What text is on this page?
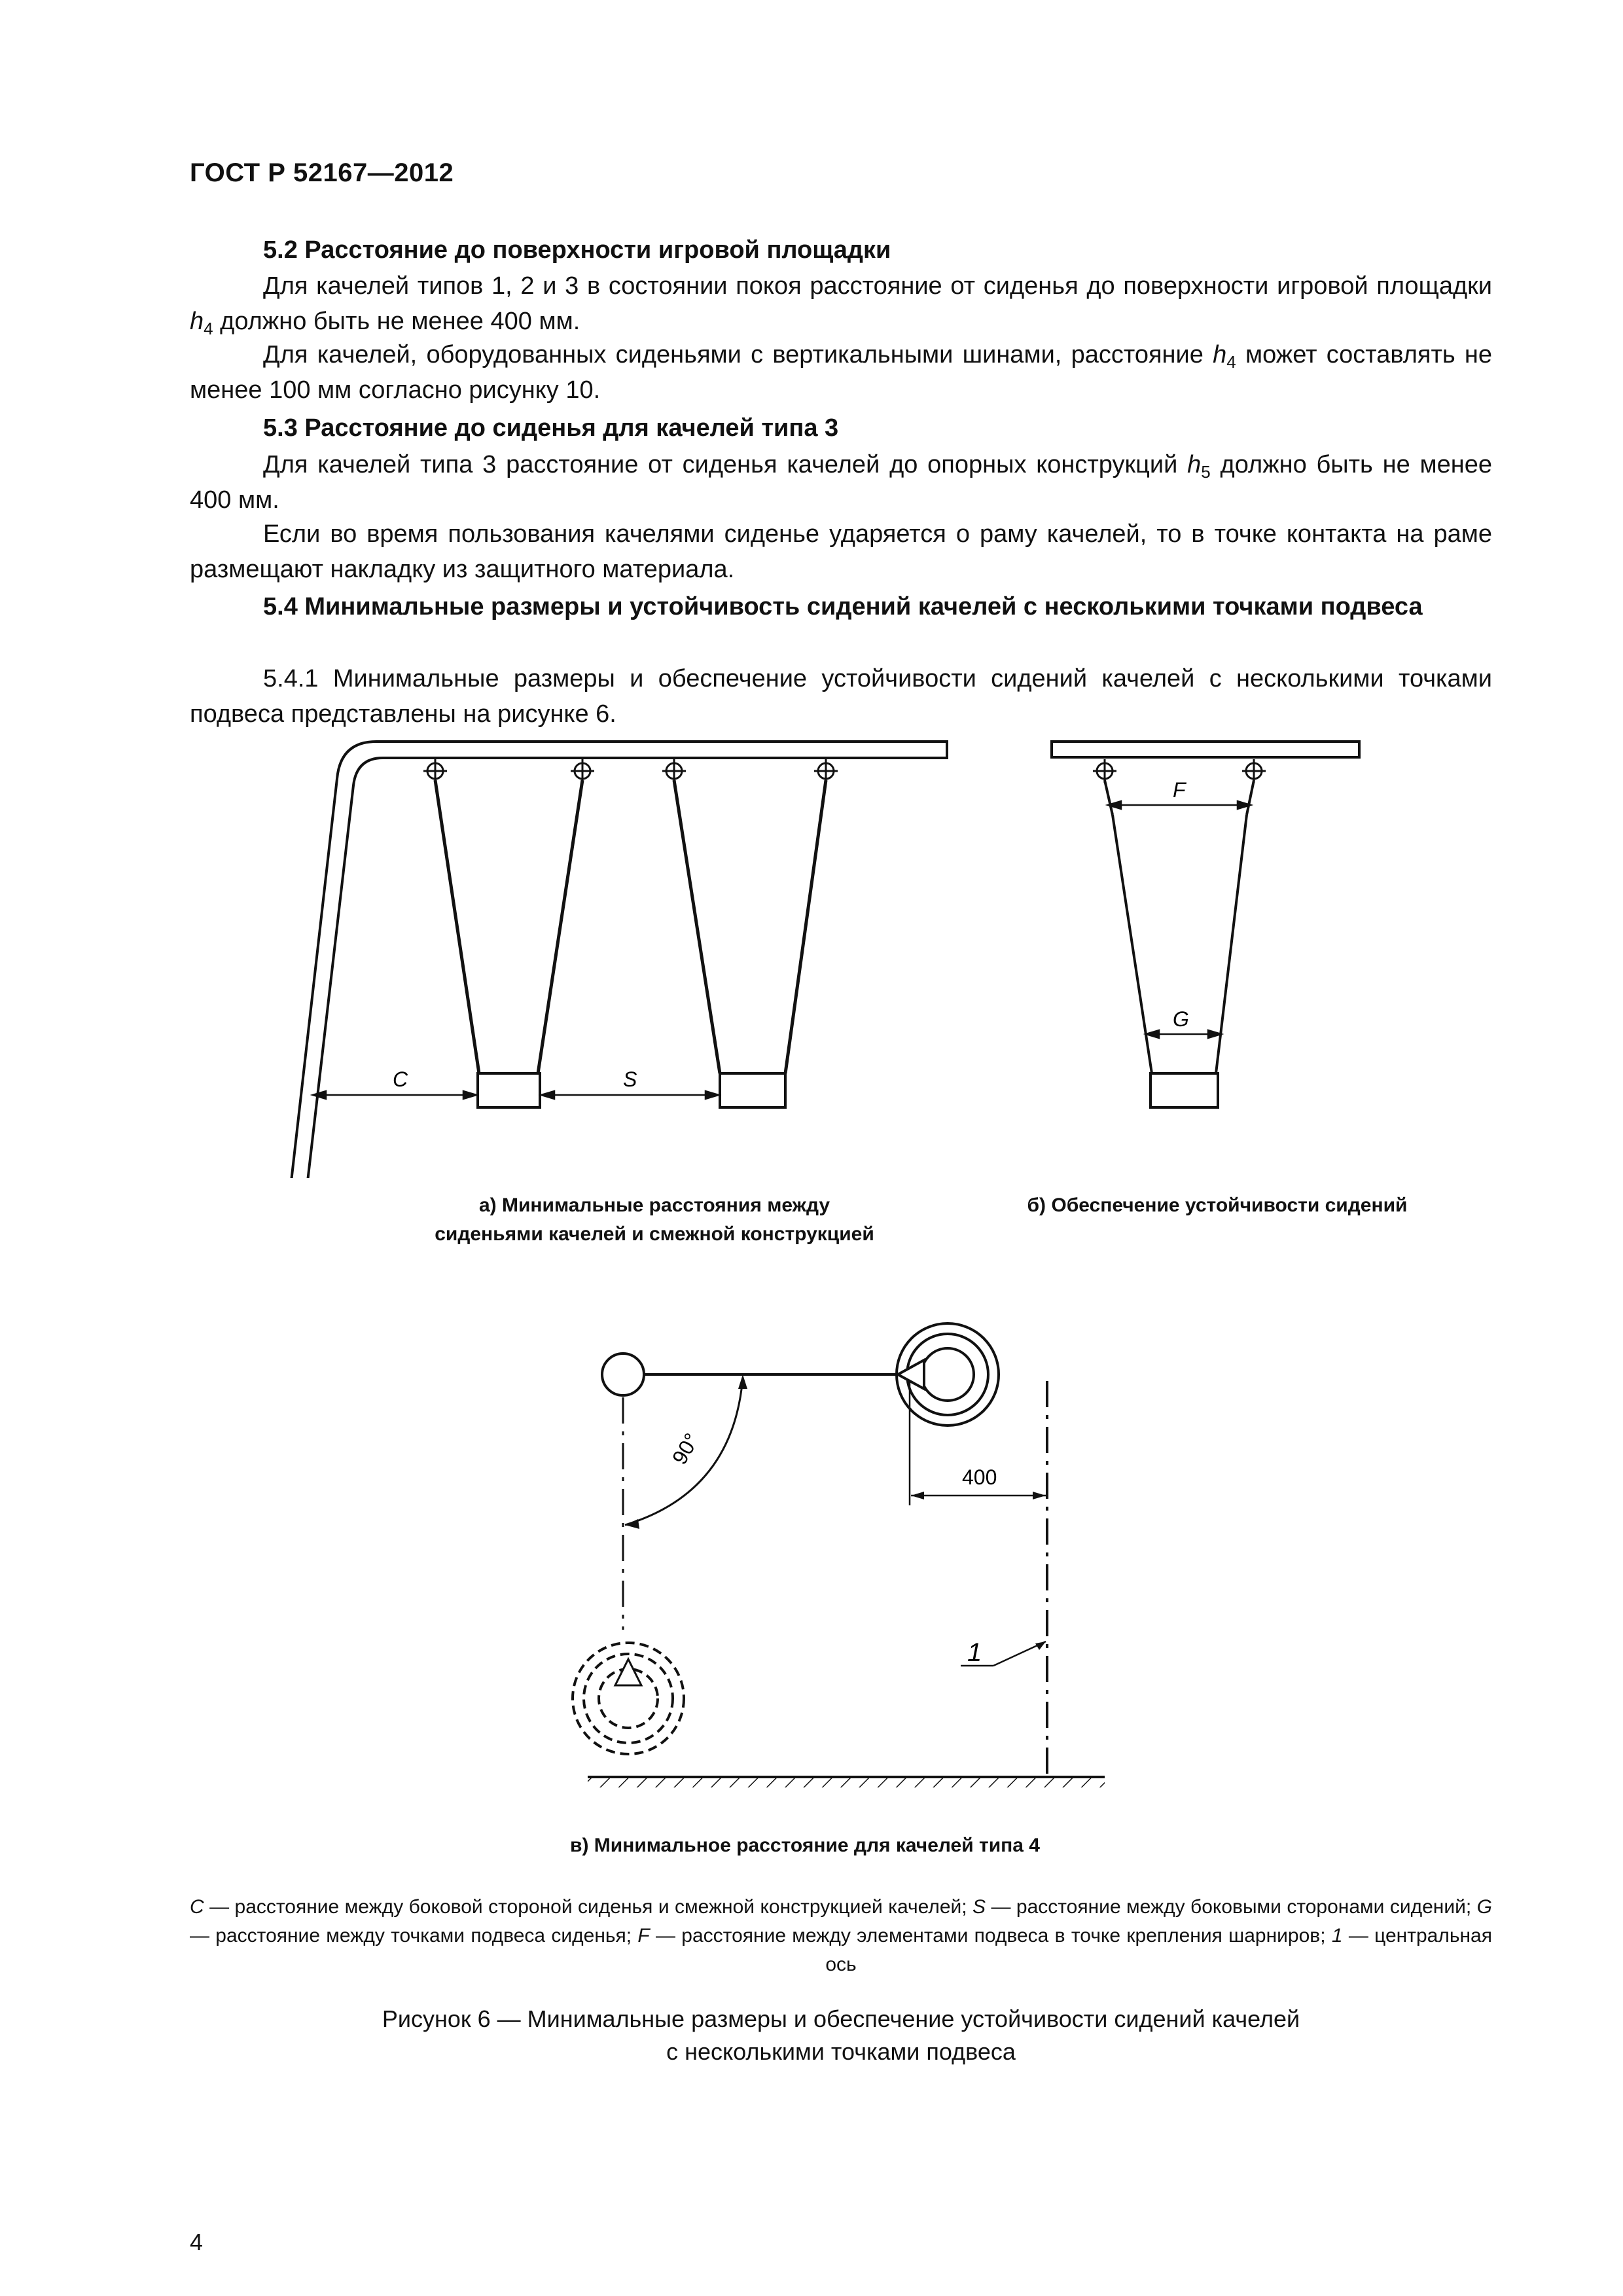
ГОСТ Р 52167—2012
5.2 Расстояние до поверхности игровой площадки
Для качелей типов 1, 2 и 3 в состоянии покоя расстояние от сиденья до поверхности игровой площадки $h_4$ должно быть не менее 400 мм.
Для качелей, оборудованных сиденьями с вертикальными шинами, расстояние $h_4$ может составлять не менее 100 мм согласно рисунку 10.
5.3 Расстояние до сиденья для качелей типа 3
Для качелей типа 3 расстояние от сиденья качелей до опорных конструкций $h_5$ должно быть не менее 400 мм.
Если во время пользования качелями сиденье ударяется о раму качелей, то в точке контакта на раме размещают накладку из защитного материала.
5.4 Минимальные размеры и устойчивость сидений качелей с несколькими точками подвеса
5.4.1 Минимальные размеры и обеспечение устойчивости сидений качелей с несколькими точками подвеса представлены на рисунке 6.
C	S
F
G
а) Минимальные расстояния между
сиденьями качелей и смежной конструкцией
б) Обеспечение устойчивости сидений
90°
400
1
в) Минимальное расстояние для качелей типа 4
C — расстояние между боковой стороной сиденья и смежной конструкцией качелей; S — расстояние между боковыми сторонами сидений; G — расстояние между точками подвеса сиденья; F — расстояние между элементами подвеса в точке крепления шарниров; 1 — центральная ось
Рисунок 6 — Минимальные размеры и обеспечение устойчивости сидений качелей
с несколькими точками подвеса
4
